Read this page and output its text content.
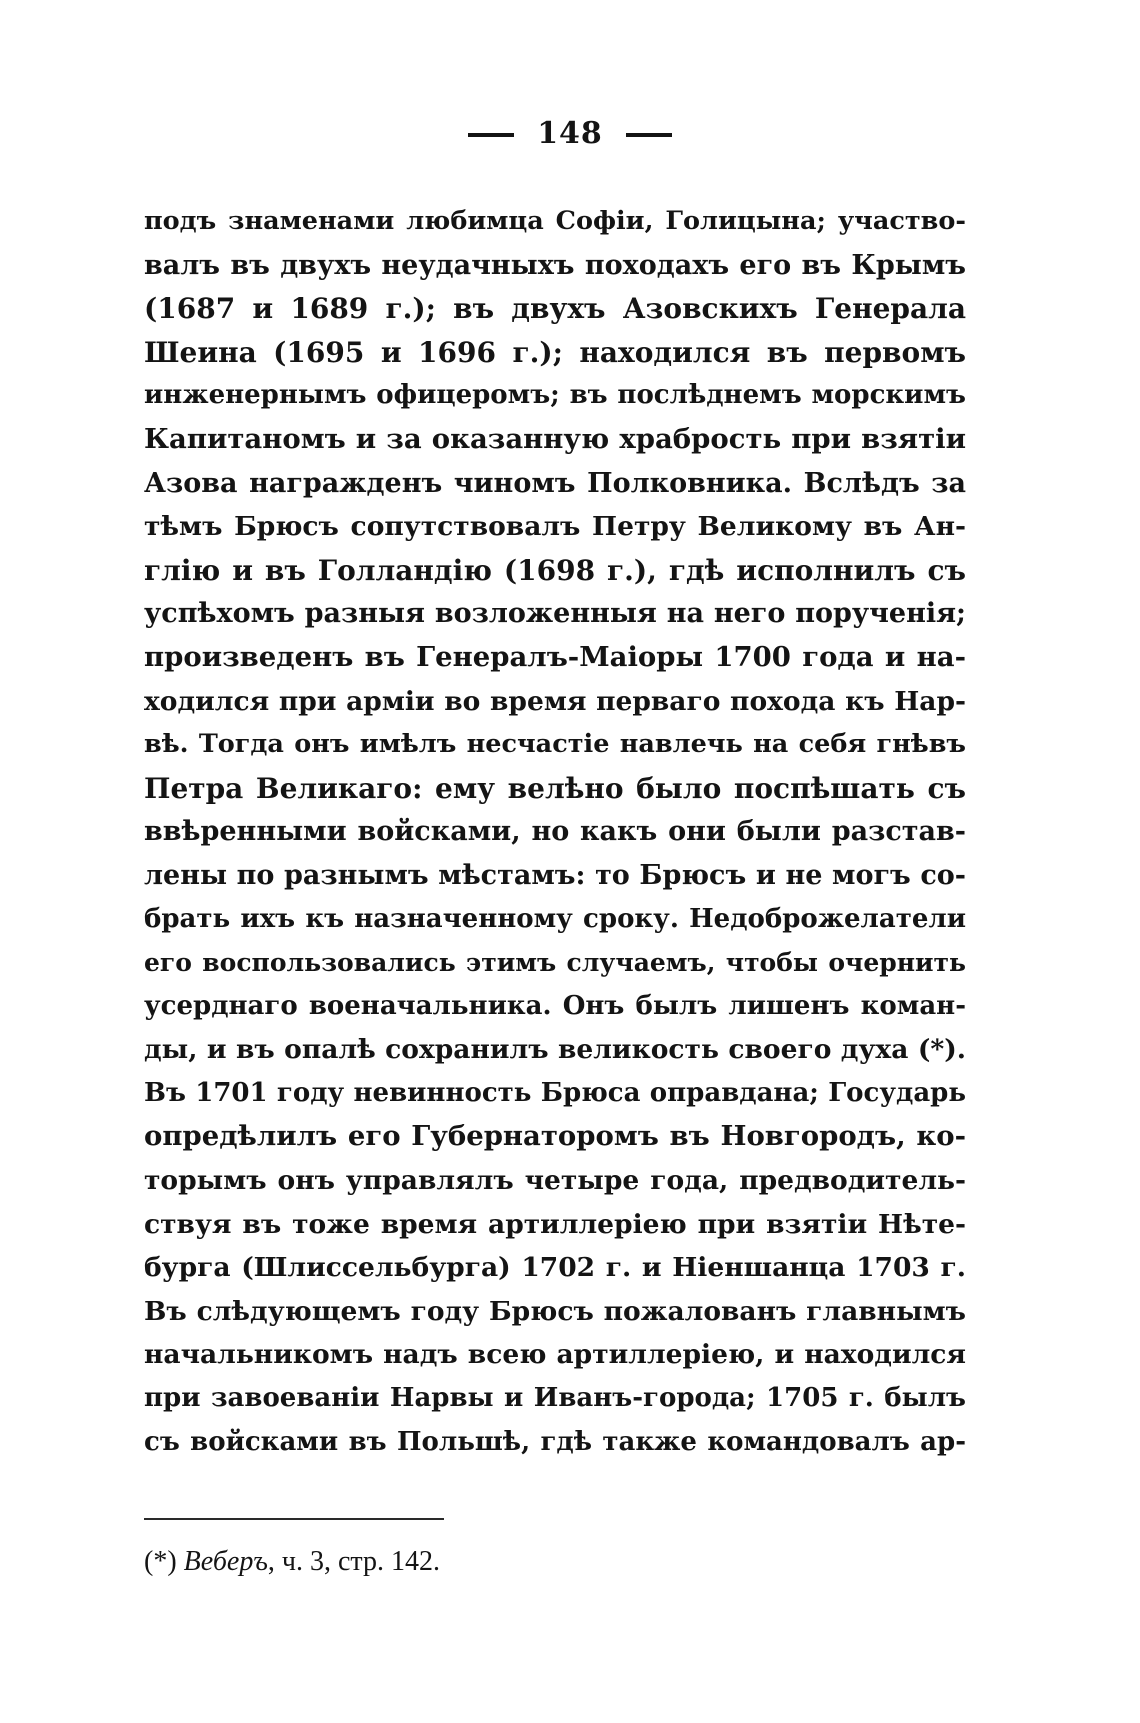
148

подъ знаменами любимца Софіи, Голицына; участво-
валъ въ двухъ неудачныхъ походахъ его въ Крымъ
(1687 и 1689 г.); въ двухъ Азовскихъ Генерала
Шеина (1695 и 1696 г.); находился въ первомъ
инженернымъ офицеромъ; въ послѣднемъ морскимъ
Капитаномъ и за оказанную храбрость при взятіи
Азова награжденъ чиномъ Полковника. Вслѣдъ за
тѣмъ Брюсъ сопутствовалъ Петру Великому въ Ан-
глію и въ Голландію (1698 г.), гдѣ исполнилъ съ
успѣхомъ разныя возложенныя на него порученія;
произведенъ въ Генералъ-Маіоры 1700 года и на-
ходился при арміи во время перваго похода къ Нар-
вѣ. Тогда онъ имѣлъ несчастіе навлечь на себя гнѣвъ
Петра Великаго: ему велѣно было поспѣшать съ
ввѣренными войсками, но какъ они были разстав-
лены по разнымъ мѣстамъ: то Брюсъ и не могъ со-
брать ихъ къ назначенному сроку. Недоброжелатели
его воспользовались этимъ случаемъ, чтобы очернить
усерднаго военачальника. Онъ былъ лишенъ коман-
ды, и въ опалѣ сохранилъ великость своего духа (*).
Въ 1701 году невинность Брюса оправдана; Государь
опредѣлилъ его Губернаторомъ въ Новгородъ, ко-
торымъ онъ управлялъ четыре года, предводитель-
ствуя въ тоже время артиллеріею при взятіи Нѣте-
бурга (Шлиссельбурга) 1702 г. и Ніеншанца 1703 г.
Въ слѣдующемъ году Брюсъ пожалованъ главнымъ
начальникомъ надъ всею артиллеріею, и находился
при завоеваніи Нарвы и Иванъ-города; 1705 г. былъ
съ войсками въ Польшѣ, гдѣ также командовалъ ар-

(*) Веберъ, ч. 3, стр. 142.
